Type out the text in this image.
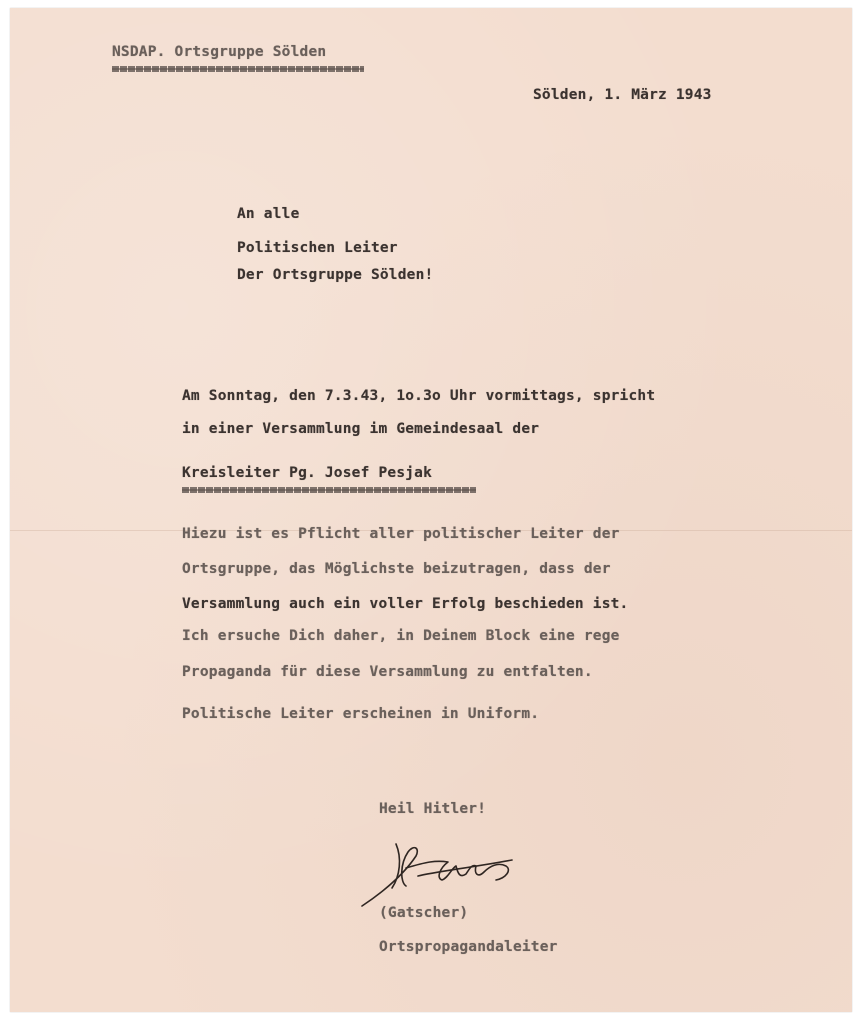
NSDAP. Ortsgruppe Sölden
Sölden, 1. März 1943
An alle
Politischen Leiter
Der Ortsgruppe Sölden!
Am Sonntag, den 7.3.43, 1o.3o Uhr vormittags, spricht
in einer Versammlung im Gemeindesaal der
Kreisleiter Pg. Josef Pesjak
Hiezu ist es Pflicht aller politischer Leiter der
Ortsgruppe, das Möglichste beizutragen, dass der
Versammlung auch ein voller Erfolg beschieden ist.
Ich ersuche Dich daher, in Deinem Block eine rege
Propaganda für diese Versammlung zu entfalten.
Politische Leiter erscheinen in Uniform.
Heil Hitler!
(Gatscher)
Ortspropagandaleiter
